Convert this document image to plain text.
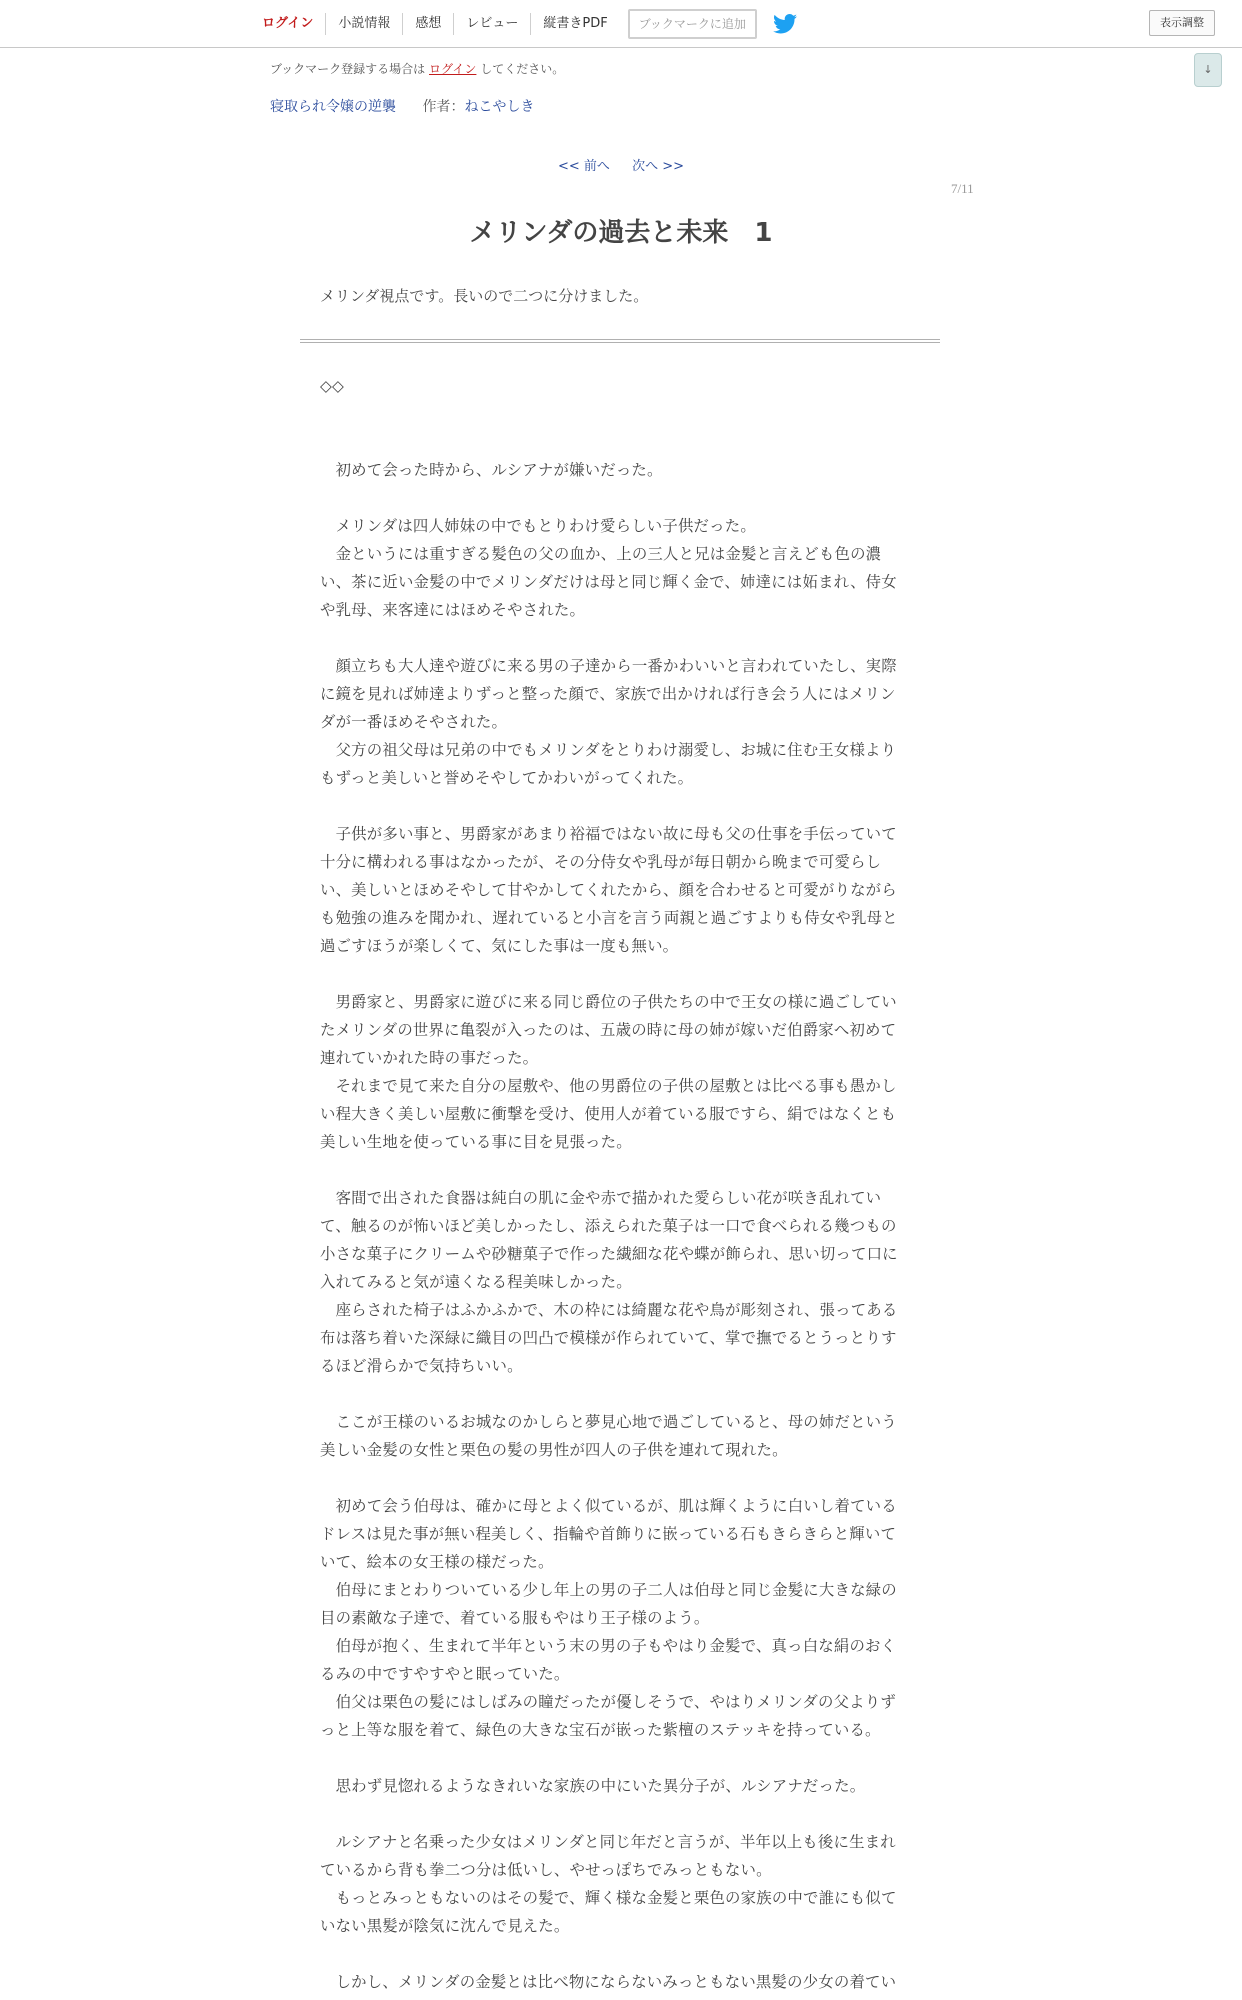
ログイン	小説情報	感想	レビュー	縦書きPDF	ブックマークに追加	表示調整
↓
ブックマーク登録する場合は ログイン してください。
寝取られ令嬢の逆襲 作者：ねこやしき
<< 前へ 次へ >>
7/11
メリンダの過去と未来　1
メリンダ視点です。長いので二つに分けました。

◇◇

　初めて会った時から、ルシアナが嫌いだった。

　メリンダは四人姉妹の中でもとりわけ愛らしい子供だった。

　金というには重すぎる髪色の父の血か、上の三人と兄は金髪と言えども色の濃

い、茶に近い金髪の中でメリンダだけは母と同じ輝く金で、姉達には妬まれ、侍女

や乳母、来客達にはほめそやされた。

　顔立ちも大人達や遊びに来る男の子達から一番かわいいと言われていたし、実際

に鏡を見れば姉達よりずっと整った顔で、家族で出かければ行き会う人にはメリン

ダが一番ほめそやされた。

　父方の祖父母は兄弟の中でもメリンダをとりわけ溺愛し、お城に住む王女様より

もずっと美しいと誉めそやしてかわいがってくれた。

　子供が多い事と、男爵家があまり裕福ではない故に母も父の仕事を手伝っていて

十分に構われる事はなかったが、その分侍女や乳母が毎日朝から晩まで可愛らし

い、美しいとほめそやして甘やかしてくれたから、顔を合わせると可愛がりながら

も勉強の進みを聞かれ、遅れていると小言を言う両親と過ごすよりも侍女や乳母と

過ごすほうが楽しくて、気にした事は一度も無い。

　男爵家と、男爵家に遊びに来る同じ爵位の子供たちの中で王女の様に過ごしてい

たメリンダの世界に亀裂が入ったのは、五歳の時に母の姉が嫁いだ伯爵家へ初めて

連れていかれた時の事だった。

　それまで見て来た自分の屋敷や、他の男爵位の子供の屋敷とは比べる事も愚かし

い程大きく美しい屋敷に衝撃を受け、使用人が着ている服ですら、絹ではなくとも

美しい生地を使っている事に目を見張った。

　客間で出された食器は純白の肌に金や赤で描かれた愛らしい花が咲き乱れてい

て、触るのが怖いほど美しかったし、添えられた菓子は一口で食べられる幾つもの

小さな菓子にクリームや砂糖菓子で作った繊細な花や蝶が飾られ、思い切って口に

入れてみると気が遠くなる程美味しかった。

　座らされた椅子はふかふかで、木の枠には綺麗な花や鳥が彫刻され、張ってある

布は落ち着いた深緑に織目の凹凸で模様が作られていて、掌で撫でるとうっとりす

るほど滑らかで気持ちいい。

　ここが王様のいるお城なのかしらと夢見心地で過ごしていると、母の姉だという

美しい金髪の女性と栗色の髪の男性が四人の子供を連れて現れた。

　初めて会う伯母は、確かに母とよく似ているが、肌は輝くように白いし着ている

ドレスは見た事が無い程美しく、指輪や首飾りに嵌っている石もきらきらと輝いて

いて、絵本の女王様の様だった。

　伯母にまとわりついている少し年上の男の子二人は伯母と同じ金髪に大きな緑の

目の素敵な子達で、着ている服もやはり王子様のよう。

　伯母が抱く、生まれて半年という末の男の子もやはり金髪で、真っ白な絹のおく

るみの中ですやすやと眠っていた。

　伯父は栗色の髪にはしばみの瞳だったが優しそうで、やはりメリンダの父よりず

っと上等な服を着て、緑色の大きな宝石が嵌った紫檀のステッキを持っている。

　思わず見惚れるようなきれいな家族の中にいた異分子が、ルシアナだった。

　ルシアナと名乗った少女はメリンダと同じ年だと言うが、半年以上も後に生まれ

ているから背も拳二つ分は低いし、やせっぽちでみっともない。

　もっとみっともないのはその髪で、輝く様な金髪と栗色の家族の中で誰にも似て

いない黒髪が陰気に沈んで見えた。

　しかし、メリンダの金髪とは比べ物にならないみっともない黒髪の少女の着てい
